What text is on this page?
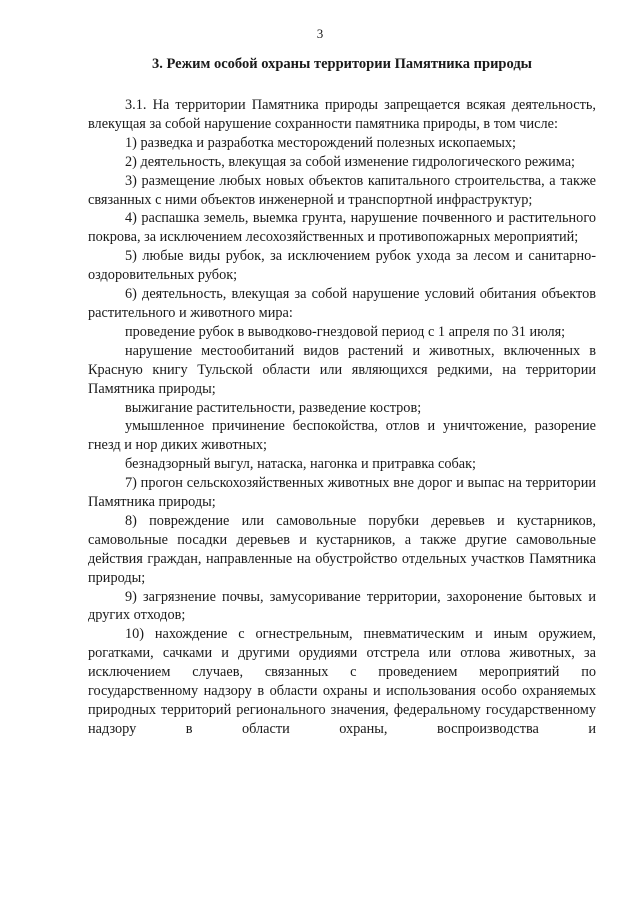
3
3. Режим особой охраны территории Памятника природы

3.1. На территории Памятника природы запрещается всякая деятельность, влекущая за собой нарушение сохранности памятника природы, в том числе:

1) разведка и разработка месторождений полезных ископаемых;

2) деятельность, влекущая за собой изменение гидрологического режима;

3) размещение любых новых объектов капитального строительства, а также связанных с ними объектов инженерной и транспортной инфраструктур;

4) распашка земель, выемка грунта, нарушение почвенного и растительного покрова, за исключением лесохозяйственных и противопожарных мероприятий;

5) любые виды рубок, за исключением рубок ухода за лесом и санитарно-оздоровительных рубок;

6) деятельность, влекущая за собой нарушение условий обитания объектов растительного и животного мира:

проведение рубок в выводково-гнездовой период с 1 апреля по 31 июля;

нарушение местообитаний видов растений и животных, включенных в Красную книгу Тульской области или являющихся редкими, на территории Памятника природы;

выжигание растительности, разведение костров;

умышленное причинение беспокойства, отлов и уничтожение, разорение гнезд и нор диких животных;

безнадзорный выгул, натаска, нагонка и притравка собак;

7) прогон сельскохозяйственных животных вне дорог и выпас на территории Памятника природы;

8) повреждение или самовольные порубки деревьев и кустарников, самовольные посадки деревьев и кустарников, а также другие самовольные действия граждан, направленные на обустройство отдельных участков Памятника природы;

9) загрязнение почвы, замусоривание территории, захоронение бытовых и других отходов;

10) нахождение с огнестрельным, пневматическим и иным оружием, рогатками, сачками и другими орудиями отстрела или отлова животных, за исключением случаев, связанных с проведением мероприятий по государственному надзору в области охраны и использования особо охраняемых природных территорий регионального значения, федеральному государственному надзору в области охраны, воспроизводства и
